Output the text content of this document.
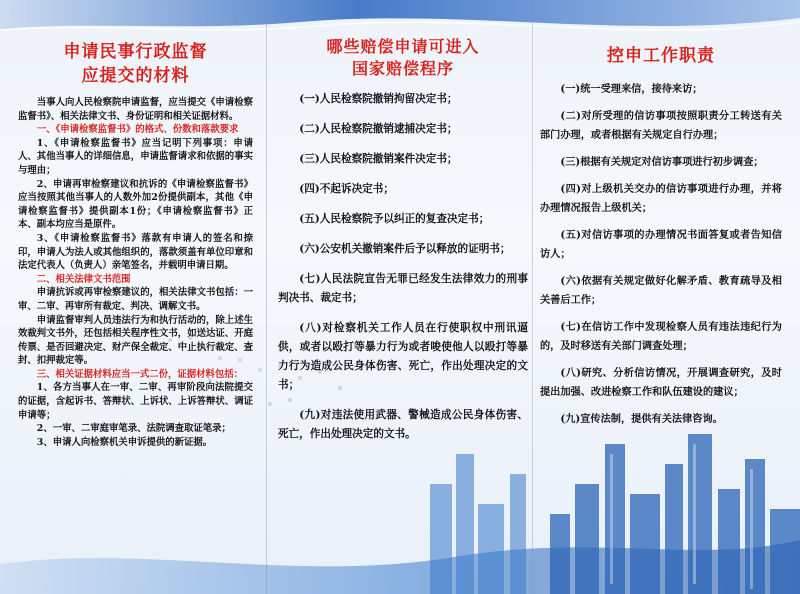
申请民事行政监督
应提交的材料

当事人向人民检察院申请监督，应当提交《申请检察监督书》、相关法律文书、身份证明和相关证据材料。

一、《申请检察监督书》的格式、份数和落款要求

1、《申请检察监督书》应当记明下列事项：申请人、其他当事人的详细信息，申请监督请求和依据的事实与理由；

2、申请再审检察建议和抗诉的《申请检察监督书》应当按照其他当事人的人数外加2份提供副本，其他《申请检察监督书》提供副本1份；《申请检察监督书》正本、副本均应当是原件。

3、《申请检察监督书》落款有申请人的签名和捺印，申请人为法人或其他组织的，落款须盖有单位印章和法定代表人（负责人）亲笔签名，并载明申请日期。

二、相关法律文书范围

申请抗诉或再审检察建议的，相关法律文书包括：一审、二审、再审所有裁定、判决、调解文书。

申请监督审判人员违法行为和执行活动的，除上述生效裁判文书外，还包括相关程序性文书，如送达证、开庭传票、是否回避决定、财产保全裁定、中止执行裁定、查封、扣押裁定等。

三、相关证据材料应当一式二份，证据材料包括：

1、各方当事人在一审、二审、再审阶段向法院提交的证据，含起诉书、答辩状、上诉状、上诉答辩状、调证申请等；

2、一审、二审庭审笔录、法院调查取证笔录；

3、申请人向检察机关申诉提供的新证据。

哪些赔偿申请可进入
国家赔偿程序

(一)人民检察院撤销拘留决定书；

(二)人民检察院撤销逮捕决定书；

(三)人民检察院撤销案件决定书；

(四)不起诉决定书；

(五)人民检察院予以纠正的复查决定书；

(六)公安机关撤销案件后予以释放的证明书；

(七)人民法院宣告无罪已经发生法律效力的刑事判决书、裁定书；

(八)对检察机关工作人员在行使职权中刑讯逼供，或者以殴打等暴力行为或者唆使他人以殴打等暴力行为造成公民身体伤害、死亡，作出处理决定的文书；

(九)对违法使用武器、警械造成公民身体伤害、死亡，作出处理决定的文书。

控申工作职责

(一)统一受理来信，接待来访；

(二)对所受理的信访事项按照职责分工转送有关部门办理，或者根据有关规定自行办理；

(三)根据有关规定对信访事项进行初步调查；

(四)对上级机关交办的信访事项进行办理，并将办理情况报告上级机关；

(五)对信访事项的办理情况书面答复或者告知信访人；

(六)依据有关规定做好化解矛盾、教育疏导及相关善后工作；

(七)在信访工作中发现检察人员有违法违纪行为的，及时移送有关部门调查处理；

(八)研究、分析信访情况，开展调查研究，及时提出加强、改进检察工作和队伍建设的建议；

(九)宣传法制，提供有关法律咨询。
